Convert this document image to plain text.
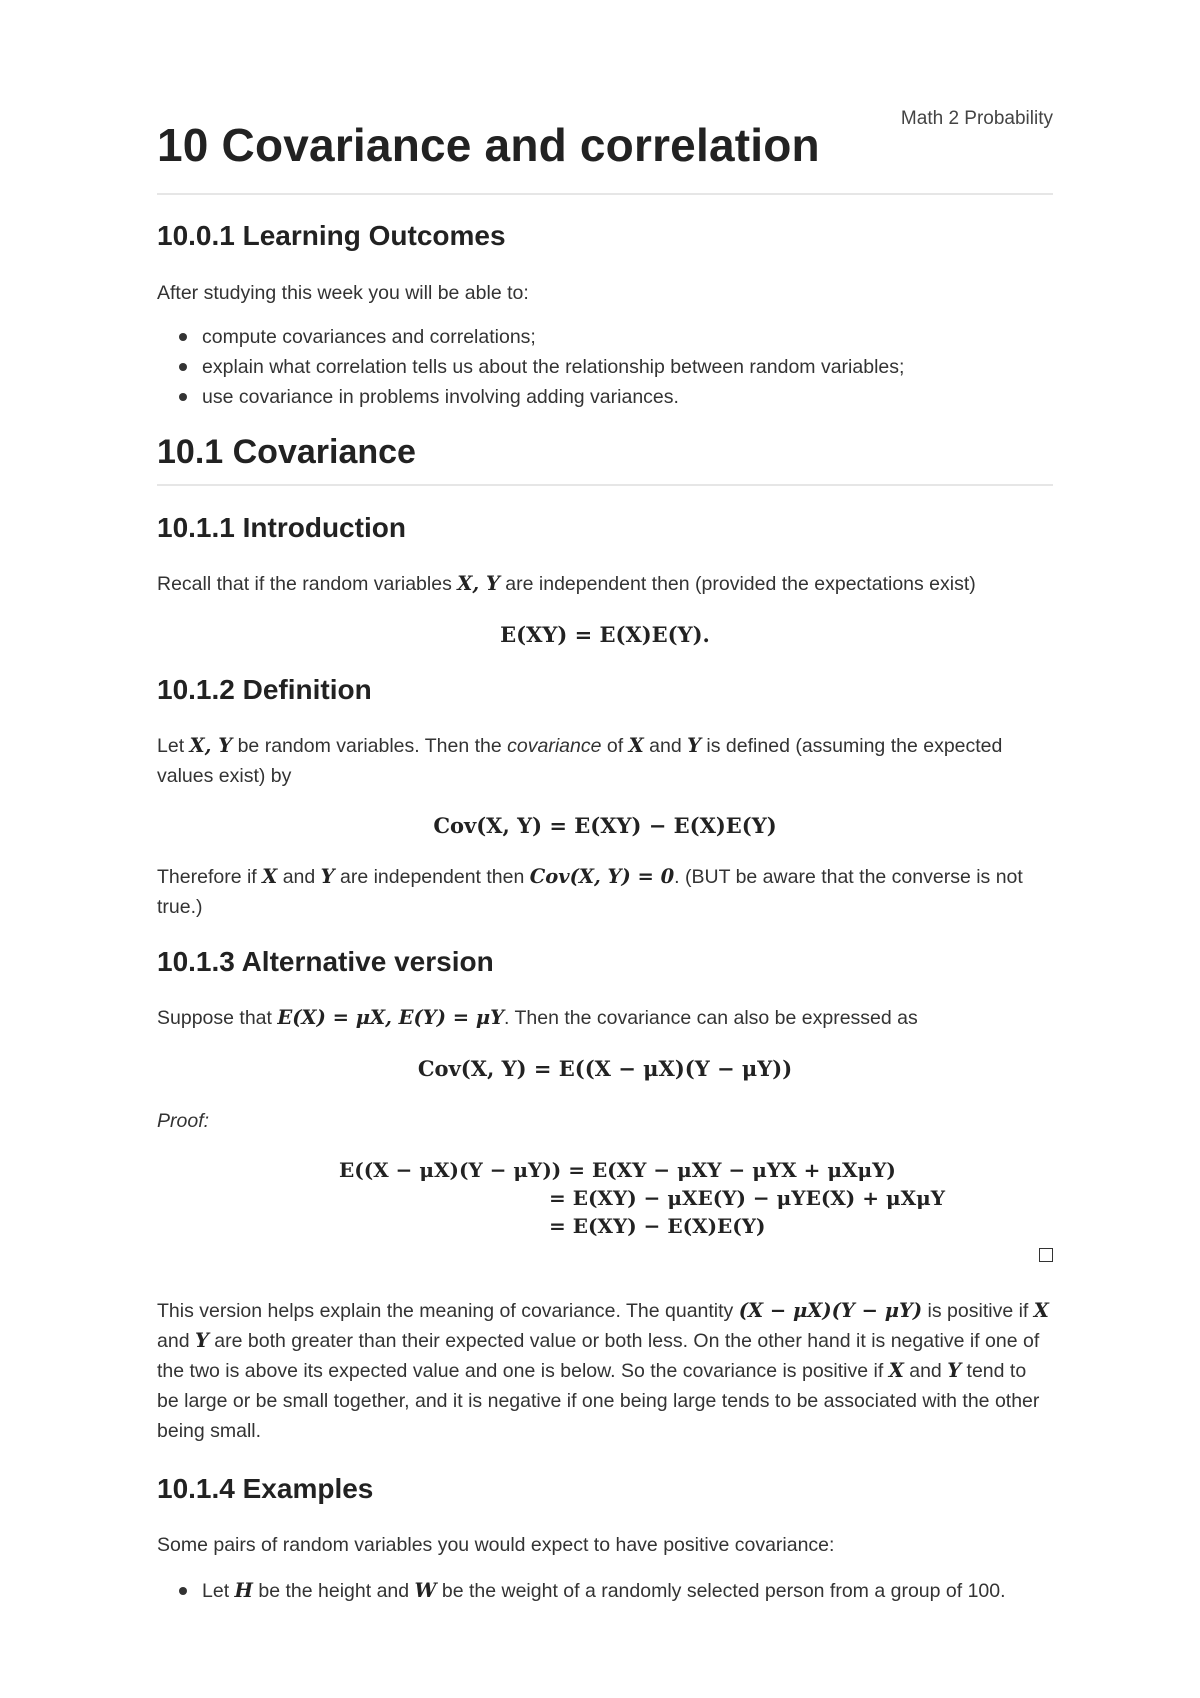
Math 2 Probability
10 Covariance and correlation
10.0.1 Learning Outcomes

After studying this week you will be able to:

compute covariances and correlations;
explain what correlation tells us about the relationship between random variables;
use covariance in problems involving adding variances.
10.1 Covariance
10.1.1 Introduction

Recall that if the random variables X, Y are independent then (provided the expectations exist)

E(XY) = E(X)E(Y).
10.1.2 Definition

Let X, Y be random variables. Then the covariance of X and Y is defined (assuming the expected values exist) by

Cov(X, Y) = E(XY) − E(X)E(Y)

Therefore if X and Y are independent then Cov(X, Y) = 0. (BUT be aware that the converse is not true.)

10.1.3 Alternative version

Suppose that E(X) = μX, E(Y) = μY. Then the covariance can also be expressed as

Cov(X, Y) = E((X − μX)(Y − μY))

Proof:

E((X − μX)(Y − μY)) = E(XY − μXY − μYX + μXμY)
= E(XY) − μXE(Y) − μYE(X) + μXμY
= E(XY) − E(X)E(Y)

This version helps explain the meaning of covariance. The quantity (X − μX)(Y − μY) is positive if X and Y are both greater than their expected value or both less. On the other hand it is negative if one of the two is above its expected value and one is below. So the covariance is positive if X and Y tend to be large or be small together, and it is negative if one being large tends to be associated with the other being small.

10.1.4 Examples

Some pairs of random variables you would expect to have positive covariance:

Let H be the height and W be the weight of a randomly selected person from a group of 100.
